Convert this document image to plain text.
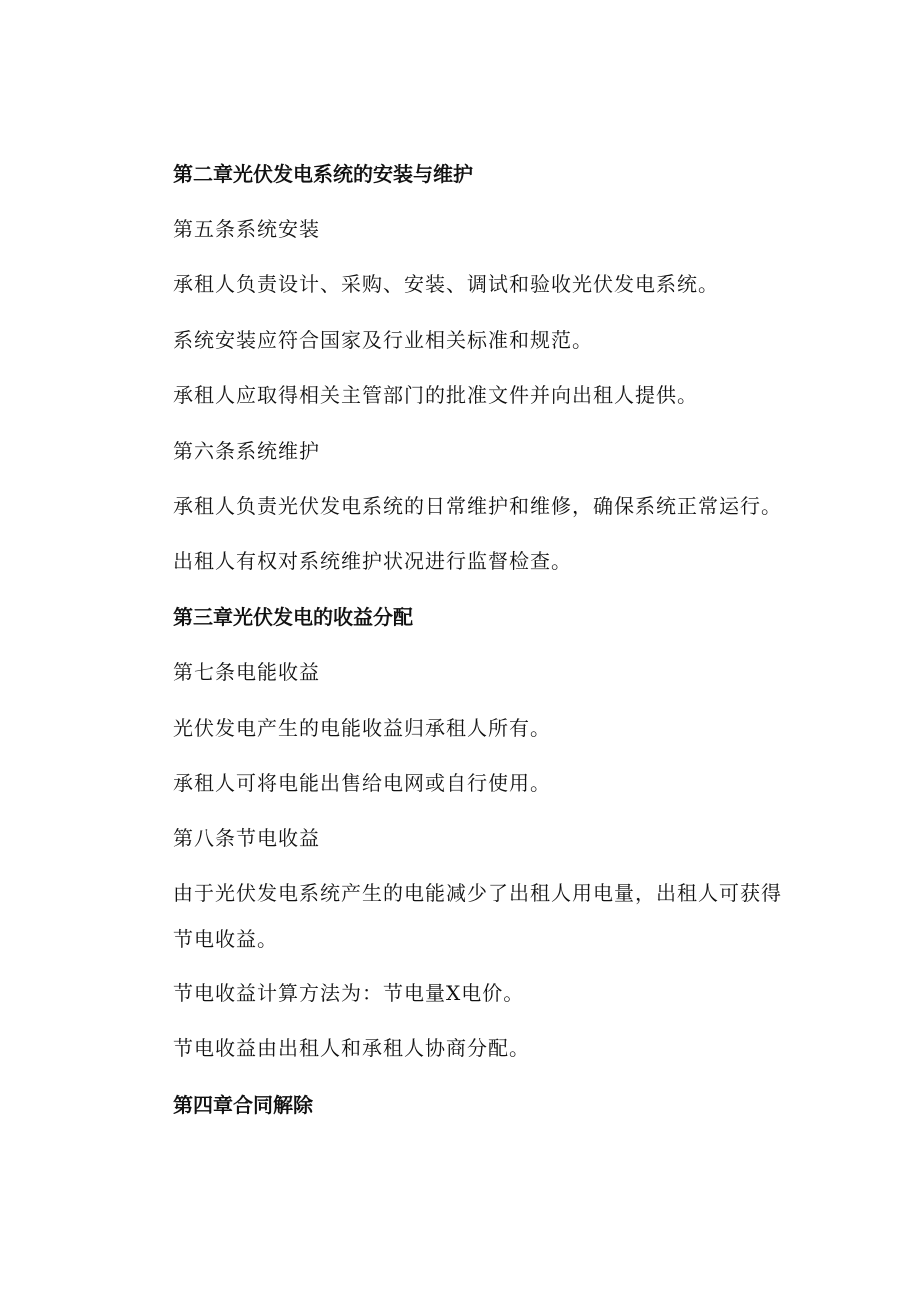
第二章光伏发电系统的安装与维护
第五条系统安装
承租人负责设计、采购、安装、调试和验收光伏发电系统。
系统安装应符合国家及行业相关标准和规范。
承租人应取得相关主管部门的批准文件并向出租人提供。
第六条系统维护
承租人负责光伏发电系统的日常维护和维修，确保系统正常运行。
出租人有权对系统维护状况进行监督检查。
第三章光伏发电的收益分配
第七条电能收益
光伏发电产生的电能收益归承租人所有。
承租人可将电能出售给电网或自行使用。
第八条节电收益
由于光伏发电系统产生的电能减少了出租人用电量，出租人可获得节电收益。
节电收益计算方法为：节电量X电价。
节电收益由出租人和承租人协商分配。
第四章合同解除
